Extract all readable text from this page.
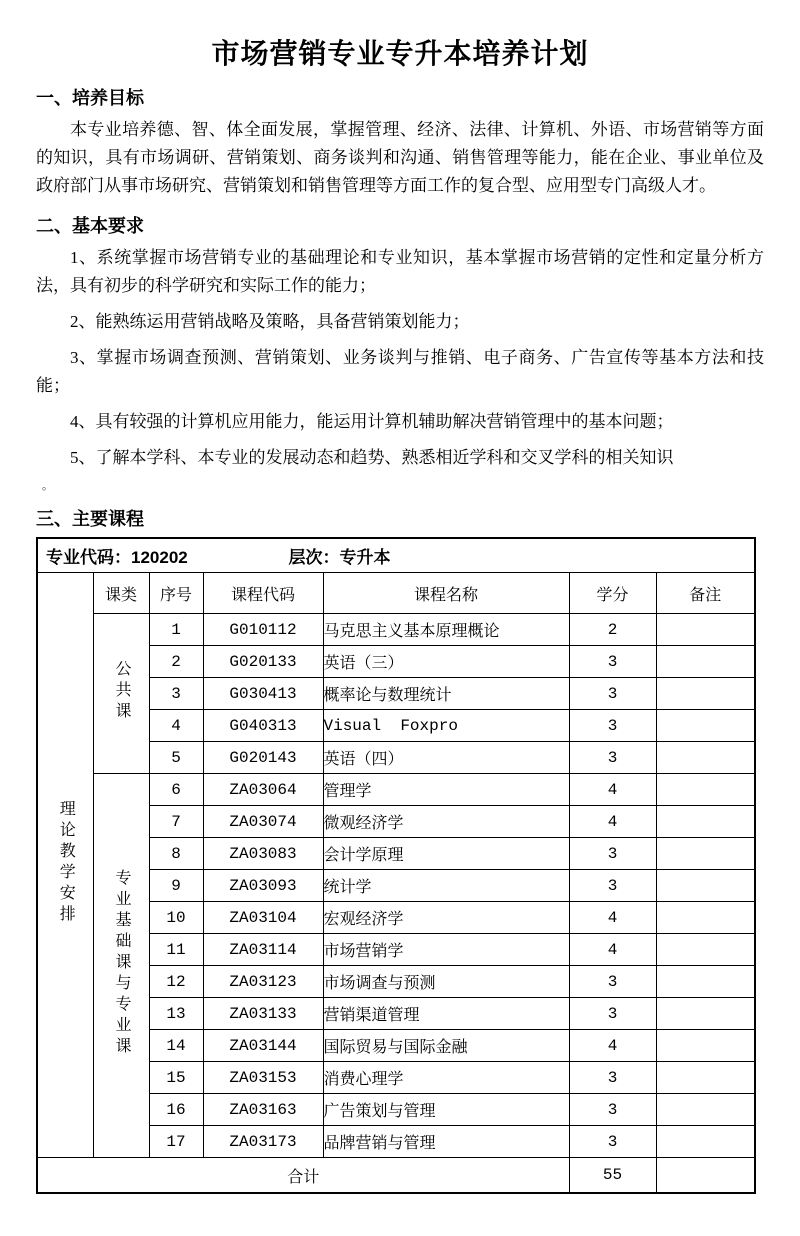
市场营销专业专升本培养计划
一、培养目标

本专业培养德、智、体全面发展，掌握管理、经济、法律、计算机、外语、市场营销等方面的知识，具有市场调研、营销策划、商务谈判和沟通、销售管理等能力，能在企业、事业单位及政府部门从事市场研究、营销策划和销售管理等方面工作的复合型、应用型专门高级人才。

二、基本要求

1、系统掌握市场营销专业的基础理论和专业知识，基本掌握市场营销的定性和定量分析方法，具有初步的科学研究和实际工作的能力；

2、能熟练运用营销战略及策略，具备营销策划能力；

3、掌握市场调查预测、营销策划、业务谈判与推销、电子商务、广告宣传等基本方法和技能；

4、具有较强的计算机应用能力，能运用计算机辅助解决营销管理中的基本问题；

5、了解本学科、本专业的发展动态和趋势、熟悉相近学科和交叉学科的相关知识

。
三、主要课程
专业代码：120202 层次：专升本						
理论教学安排	课类	序号	课程代码	课程名称	学分	备注
	公共课	1	G010112	马克思主义基本原理概论	2	
		2	G020133	英语（三）	3	
		3	G030413	概率论与数理统计	3	
		4	G040313	Visual  Foxpro	3	
		5	G020143	英语（四）	3	
	专业基础课与专业课	6	ZA03064	管理学	4	
		7	ZA03074	微观经济学	4	
		8	ZA03083	会计学原理	3	
		9	ZA03093	统计学	3	
		10	ZA03104	宏观经济学	4	
		11	ZA03114	市场营销学	4	
		12	ZA03123	市场调查与预测	3	
		13	ZA03133	营销渠道管理	3	
		14	ZA03144	国际贸易与国际金融	4	
		15	ZA03153	消费心理学	3	
		16	ZA03163	广告策划与管理	3	
		17	ZA03173	品牌营销与管理	3	
合计					55	
